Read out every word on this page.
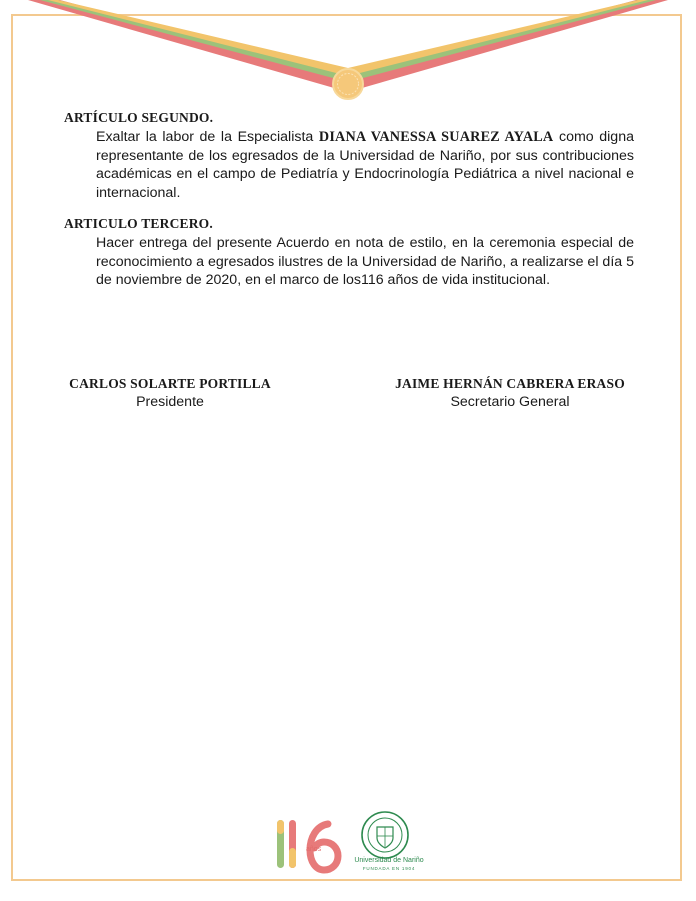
ARTÍCULO SEGUNDO.

Exaltar la labor de la Especialista DIANA VANESSA SUAREZ AYALA como digna representante de los egresados de la Universidad de Nariño, por sus contribuciones académicas en el campo de Pediatría y Endocrinología Pediátrica a nivel nacional e internacional.

ARTICULO TERCERO.

Hacer entrega del presente Acuerdo en nota de estilo, en la ceremonia especial de reconocimiento a egresados ilustres de la Universidad de Nariño, a realizarse el día 5 de noviembre de 2020, en el marco de los116 años de vida institucional.

CARLOS SOLARTE PORTILLA
Presidente
JAIME HERNÁN CABRERA ERASO
Secretario General
años
Universidad de Nariño
FUNDADA EN 1904
